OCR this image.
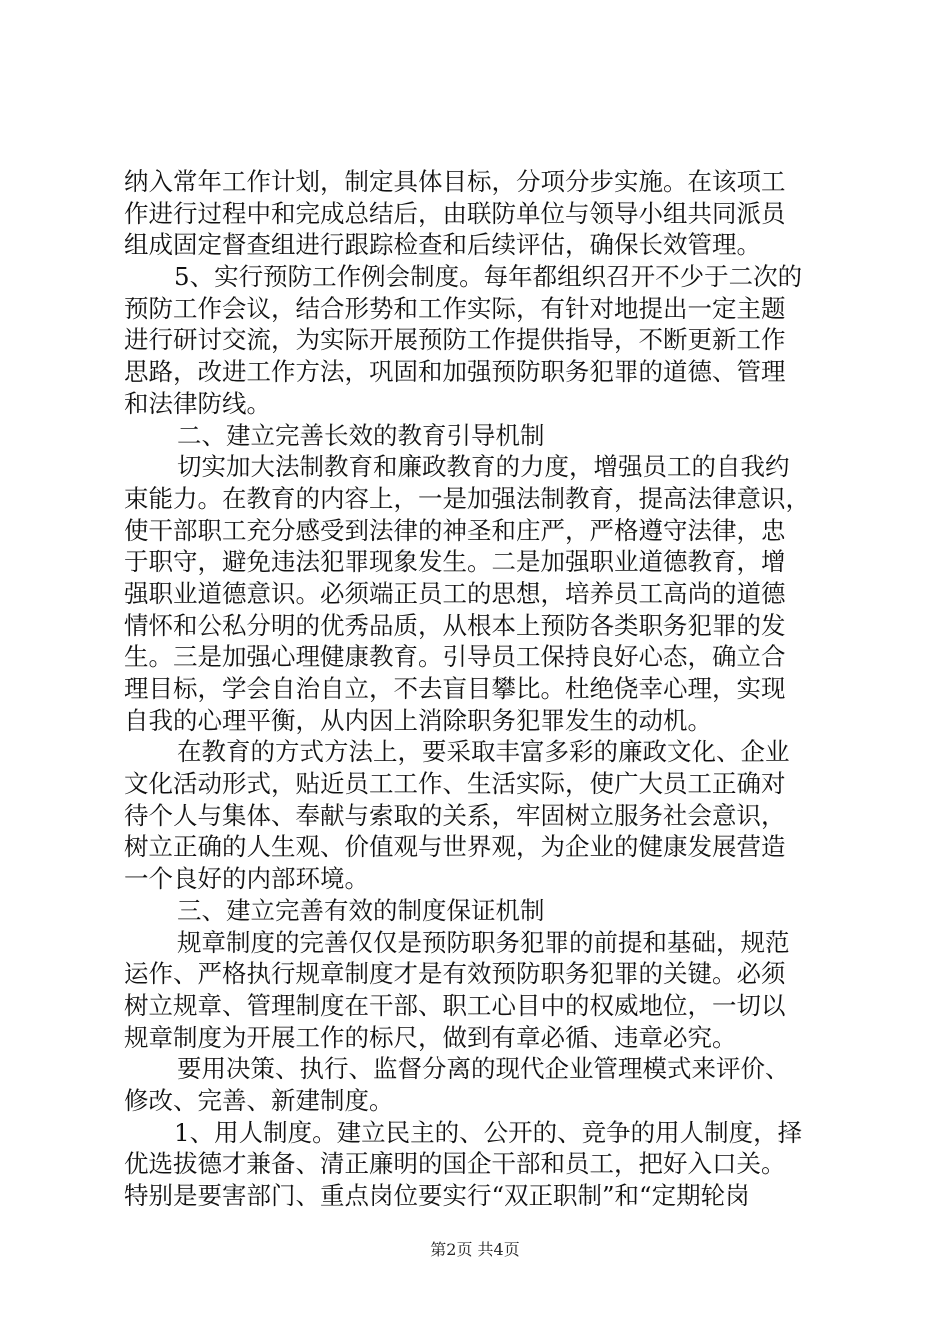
纳入常年工作计划，制定具体目标，分项分步实施。在该项工
作进行过程中和完成总结后，由联防单位与领导小组共同派员
组成固定督查组进行跟踪检查和后续评估，确保长效管理。
5、实行预防工作例会制度。每年都组织召开不少于二次的
预防工作会议，结合形势和工作实际，有针对地提出一定主题
进行研讨交流，为实际开展预防工作提供指导，不断更新工作
思路，改进工作方法，巩固和加强预防职务犯罪的道德、管理
和法律防线。
二、建立完善长效的教育引导机制
切实加大法制教育和廉政教育的力度，增强员工的自我约
束能力。在教育的内容上，一是加强法制教育，提高法律意识，
使干部职工充分感受到法律的神圣和庄严，严格遵守法律，忠
于职守，避免违法犯罪现象发生。二是加强职业道德教育，增
强职业道德意识。必须端正员工的思想，培养员工高尚的道德
情怀和公私分明的优秀品质，从根本上预防各类职务犯罪的发
生。三是加强心理健康教育。引导员工保持良好心态，确立合
理目标，学会自治自立，不去盲目攀比。杜绝侥幸心理，实现
自我的心理平衡，从内因上消除职务犯罪发生的动机。
在教育的方式方法上，要采取丰富多彩的廉政文化、企业
文化活动形式，贴近员工工作、生活实际，使广大员工正确对
待个人与集体、奉献与索取的关系，牢固树立服务社会意识，
树立正确的人生观、价值观与世界观，为企业的健康发展营造
一个良好的内部环境。
三、建立完善有效的制度保证机制
规章制度的完善仅仅是预防职务犯罪的前提和基础，规范
运作、严格执行规章制度才是有效预防职务犯罪的关键。必须
树立规章、管理制度在干部、职工心目中的权威地位，一切以
规章制度为开展工作的标尺，做到有章必循、违章必究。
要用决策、执行、监督分离的现代企业管理模式来评价、
修改、完善、新建制度。
1、用人制度。建立民主的、公开的、竞争的用人制度，择
优选拔德才兼备、清正廉明的国企干部和员工，把好入口关。
特别是要害部门、重点岗位要实行“双正职制”和“定期轮岗
第2页 共4页
